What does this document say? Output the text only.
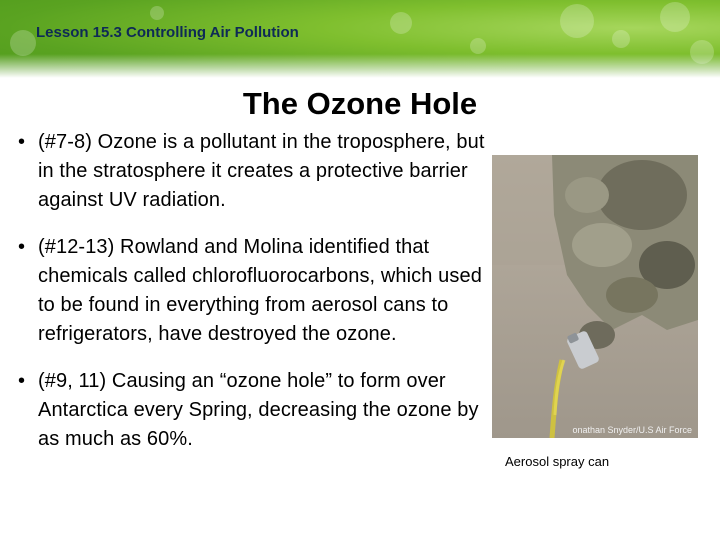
Lesson 15.3 Controlling Air Pollution
The Ozone Hole
• (#7-8) Ozone is a pollutant in the troposphere, but in the stratosphere it creates a protective barrier against UV radiation.
• (#12-13) Rowland and Molina identified that chemicals called chlorofluorocarbons, which used to be found in everything from aerosol cans to refrigerators, have destroyed the ozone.
• (#9, 11) Causing an “ozone hole” to form over Antarctica every Spring, decreasing the ozone by as much as 60%.	onathan Snyder/U.S Air Force
Aerosol spray can
